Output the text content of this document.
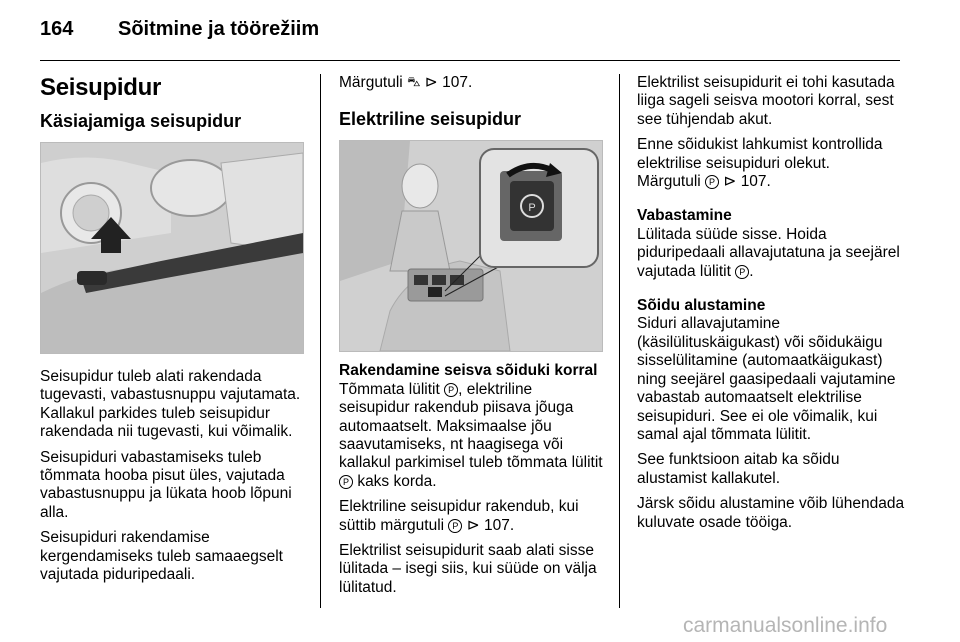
164 Sõitmine ja töörežiim
Seisupidur
Käsiajamiga seisupidur

Seisupidur tuleb alati rakendada tugevasti, vabastusnuppu vajutamata. Kallakul parkides tuleb seisupidur rakendada nii tugevasti, kui võimalik.

Seisupiduri vabastamiseks tuleb tõmmata hooba pisut üles, vajutada vabastusnuppu ja lükata hoob lõpuni alla.

Seisupiduri rakendamise kergendamiseks tuleb samaaegselt vajutada piduripedaali.

Märgutuli ⛍ ⊳ 107.

Elektriline seisupidur
P
Rakendamine seisva sõiduki korral

Tõmmata lülitit P , elektriline seisupidur rakendub piisava jõuga automaatselt. Maksimaalse jõu saavutamiseks, nt haagisega või kallakul parkimisel tuleb tõmmata lülitit P kaks korda.

Elektriline seisupidur rakendub, kui süttib märgutuli P ⊳ 107.

Elektrilist seisupidurit saab alati sisse lülitada – isegi siis, kui süüde on välja lülitatud.

Elektrilist seisupidurit ei tohi kasutada liiga sageli seisva mootori korral, sest see tühjendab akut.

Enne sõidukist lahkumist kontrollida elektrilise seisupiduri olekut.

Märgutuli P ⊳ 107.

Vabastamine

Lülitada süüde sisse. Hoida piduripedaali allavajutatuna ja seejärel vajutada lülitit P .

Sõidu alustamine

Siduri allavajutamine (käsilülituskäigukast) või sõidukäigu sisselülitamine (automaatkäigukast) ning seejärel gaasipedaali vajutamine vabastab automaatselt elektrilise seisupiduri. See ei ole võimalik, kui samal ajal tõmmata lülitit.

See funktsioon aitab ka sõidu alustamist kallakutel.

Järsk sõidu alustamine võib lühendada kuluvate osade tööiga.

carmanualsonline.info
